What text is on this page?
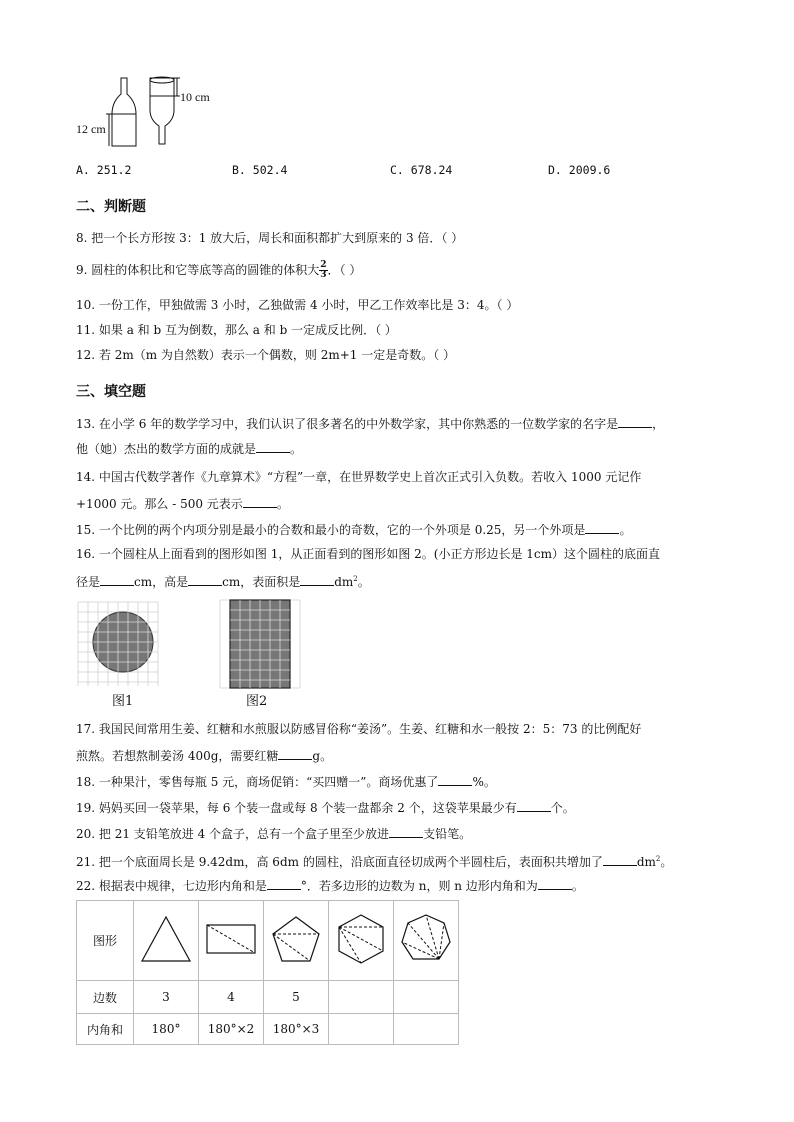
10 cm
12 cm
A. 251.2	B. 502.4	C. 678.24	D. 2009.6
二、判断题
8. 把一个长方形按 3：1 放大后，周长和面积都扩大到原来的 3 倍．（ ）
9. 圆柱的体积比和它等底等高的圆锥的体积大 $\frac{2}{3}$ ．（ ）
10. 一份工作，甲独做需 3 小时，乙独做需 4 小时，甲乙工作效率比是 3：4。（ ）
11. 如果 a 和 b 互为倒数，那么 a 和 b 一定成反比例．（ ）
12. 若 2m（m 为自然数）表示一个偶数，则 2m+1 一定是奇数。（ ）
三、填空题
13. 在小学 6 年的数学学习中，我们认识了很多著名的中外数学家，其中你熟悉的一位数学家的名字是	，
他（她）杰出的数学方面的成就是	。
14. 中国古代数学著作《九章算术》“方程”一章，在世界数学史上首次正式引入负数。若收入 1000 元记作
+1000 元。那么 - 500 元表示	。
15. 一个比例的两个内项分别是最小的合数和最小的奇数，它的一个外项是 0.25，另一个外项是	。
16. 一个圆柱从上面看到的图形如图 1，从正面看到的图形如图 2。(小正方形边长是 1cm）这个圆柱的底面直
径是	cm，高是	cm，表面积是	$dm^2$。
图1	图2
17. 我国民间常用生姜、红糖和水煎服以防感冒俗称“姜汤”。生姜、红糖和水一般按 2：5：73 的比例配好
煎熬。若想熬制姜汤 400g，需要红糖	g。
18. 一种果汁，零售每瓶 5 元，商场促销：“买四赠一”。商场优惠了	%。
19. 妈妈买回一袋苹果，每 6 个装一盘或每 8 个装一盘都余 2 个，这袋苹果最少有	个。
20. 把 21 支铅笔放进 4 个盒子，总有一个盒子里至少放进	支铅笔。
21. 把一个底面周长是 9.42dm，高 6dm 的圆柱，沿底面直径切成两个半圆柱后，表面积共增加了	$dm^2$。
22. 根据表中规律，七边形内角和是	°．若多边形的边数为 n，则 n 边形内角和为	。
图形					
边数	3	4	5		
内角和	180°	180°×2	180°×3		
